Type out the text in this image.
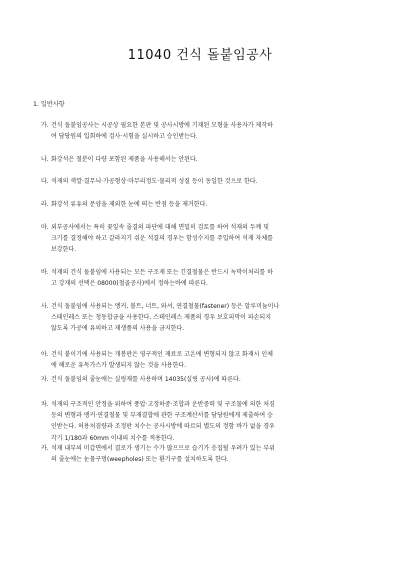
11040 건식 돌붙임공사
1. 일반사항
가. 건식 돌붙임공사는 시공상 필요한 본판 및 공사시방에 기재된 모형을 사용자가 제작하
여 담당원의 입회하에 검사·시험을 실시하고 승인받는다.
나. 화강석은 철분이 다량 포함된 제품을 사용해서는 안된다.
다. 석재의 색깔·결무늬·가공형상·마무리정도·물리적 성질 등이 동일한 것으로 한다.
라. 화강석 류유의 문양을 제외한 눈에 띄는 반점 등을 제거한다.
마. 외부공사에서는 특히 꽃잎속 줄결의 파단에 대해 면밀히 검토를 하여 석재의 두께 및
크기를 결정해야 하고 갈라지기 쉬운 석결의 경우는 함성수지를 주입하여 석재 자체를
보강한다.
바. 석재의 건식 돌붙임에 사용되는 모든 구조재 또는 긴결철물은 반드시 녹막이처리를 하
고 강재의 선택은 08000(철골공사)에서 정하는바에 따른다.
사. 건식 돌붙임에 사용되는 앵커, 볼트, 너트, 와셔, 연결철물(fastener) 등은 알루미늄이나
스테인레스 또는 청동합금을 사용한다. 스테인레스 제품의 경우 보호피막이 파손되지
않도록 가공에 유의하고 재생품의 사용을 금지한다.
아. 건식 붙이기에 사용되는 개봉판은 영구적인 재료로 고온에 변형되지 않고 화재시 인체
에 해로운 유독가스가 발생되지 않는 것을 사용한다.
자. 건식 돌붙임의 줄눈에는 실링재를 사용하며 14035(실링 공사)에 따른다.
차. 석재의 구조적인 안정을 위하여 풍압·고정하중·조합과 운반중력 및 구조물에 의한 처짐
등의 변형과 앵커·연결철물 및 부재결합에 관한 구조계산서를 담당원에게 제출하여 승
인받는다. 허용처짐량과 조정판 치수는 공사시방에 따르되 별도의 정함 바가 없을 경우
각기 1/180과 60mm 이내의 치수를 적용한다.
카. 석재 내부의 미갑면에서 결로가 생기는 수가 많으므로 습기가 응집될 우려가 있는 부위
의 줄눈에는 눈물구멍(weepholes) 또는 환기구를 설치하도록 한다.
